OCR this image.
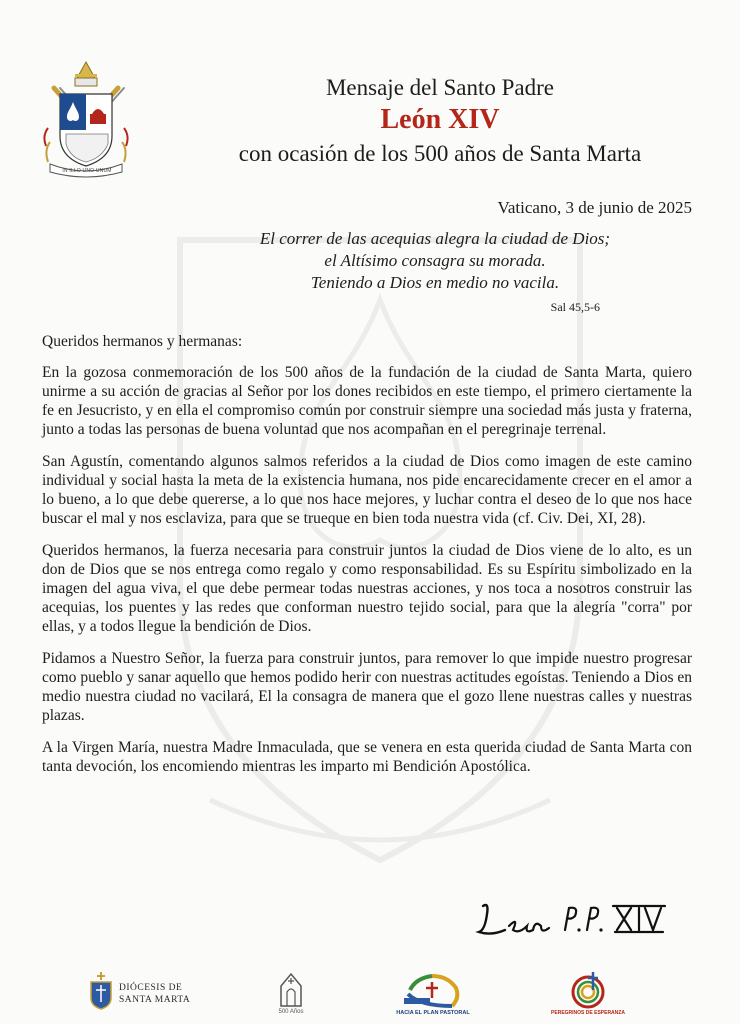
IN ILLO UNO UNUM
Mensaje del Santo Padre
León XIV
con ocasión de los 500 años de Santa Marta
Vaticano, 3 de junio de 2025
El correr de las acequias alegra la ciudad de Dios;
el Altísimo consagra su morada.
Teniendo a Dios en medio no vacila.
Sal 45,5-6

Queridos hermanos y hermanas:

En la gozosa conmemoración de los 500 años de la fundación de la ciudad de Santa Marta, quiero unirme a su acción de gracias al Señor por los dones recibidos en este tiempo, el primero ciertamente la fe en Jesucristo, y en ella el compromiso común por construir siempre una sociedad más justa y fraterna, junto a todas las personas de buena voluntad que nos acompañan en el peregrinaje terrenal.

San Agustín, comentando algunos salmos referidos a la ciudad de Dios como imagen de este camino individual y social hasta la meta de la existencia humana, nos pide encarecidamente crecer en el amor a lo bueno, a lo que debe quererse, a lo que nos hace mejores, y luchar contra el deseo de lo que nos hace buscar el mal y nos esclaviza, para que se trueque en bien toda nuestra vida (cf. Civ. Dei, XI, 28).

Queridos hermanos, la fuerza necesaria para construir juntos la ciudad de Dios viene de lo alto, es un don de Dios que se nos entrega como regalo y como responsabilidad. Es su Espíritu simbolizado en la imagen del agua viva, el que debe permear todas nuestras acciones, y nos toca a nosotros construir las acequias, los puentes y las redes que conforman nuestro tejido social, para que la alegría "corra" por ellas, y a todos llegue la bendición de Dios.

Pidamos a Nuestro Señor, la fuerza para construir juntos, para remover lo que impide nuestro progresar como pueblo y sanar aquello que hemos podido herir con nuestras actitudes egoístas. Teniendo a Dios en medio nuestra ciudad no vacilará, El la consagra de manera que el gozo llene nuestras calles y nuestras plazas.

A la Virgen María, nuestra Madre Inmaculada, que se venera en esta querida ciudad de Santa Marta con tanta devoción, los encomiendo mientras les imparto mi Bendición Apostólica.

DIÓCESIS DE
SANTA MARTA
500 Años	HACIA EL PLAN PASTORAL	PEREGRINOS DE ESPERANZA
